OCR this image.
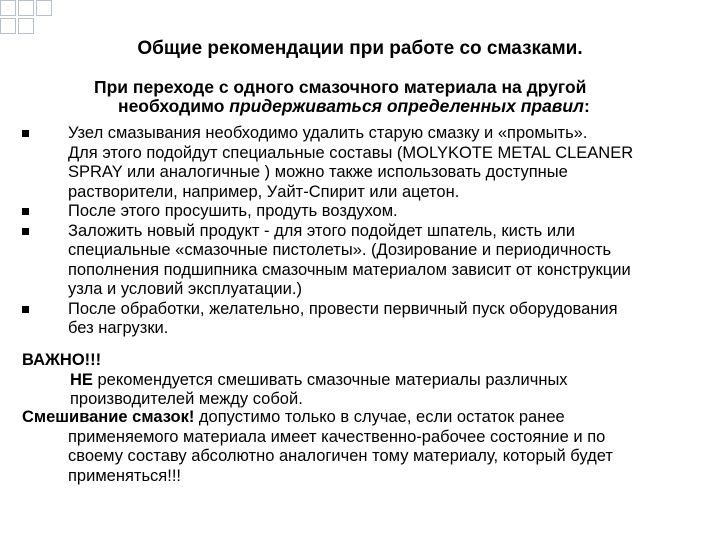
Общие рекомендации при работе со смазками.
При переходе с одного смазочного материала на другой
необходимо придерживаться определенных правил:
Узел смазывания необходимо удалить старую смазку и «промыть».
Для этого подойдут специальные составы (MOLYKOTE METAL CLEANER
SPRAY или аналогичные ) можно также использовать доступные
растворители, например, Уайт-Спирит или ацетон.
После этого просушить, продуть воздухом.
Заложить новый продукт - для этого подойдет шпатель, кисть или
специальные «смазочные пистолеты». (Дозирование и периодичность
пополнения подшипника смазочным материалом зависит от конструкции
узла и условий эксплуатации.)
После обработки, желательно, провести первичный пуск оборудования
без нагрузки.
ВАЖНО!!!
НЕ рекомендуется смешивать смазочные материалы различных
производителей между собой.
Смешивание смазок! допустимо только в случае, если остаток ранее
применяемого материала имеет качественно-рабочее состояние и по
своему составу абсолютно аналогичен тому материалу, который будет
применяться!!!
